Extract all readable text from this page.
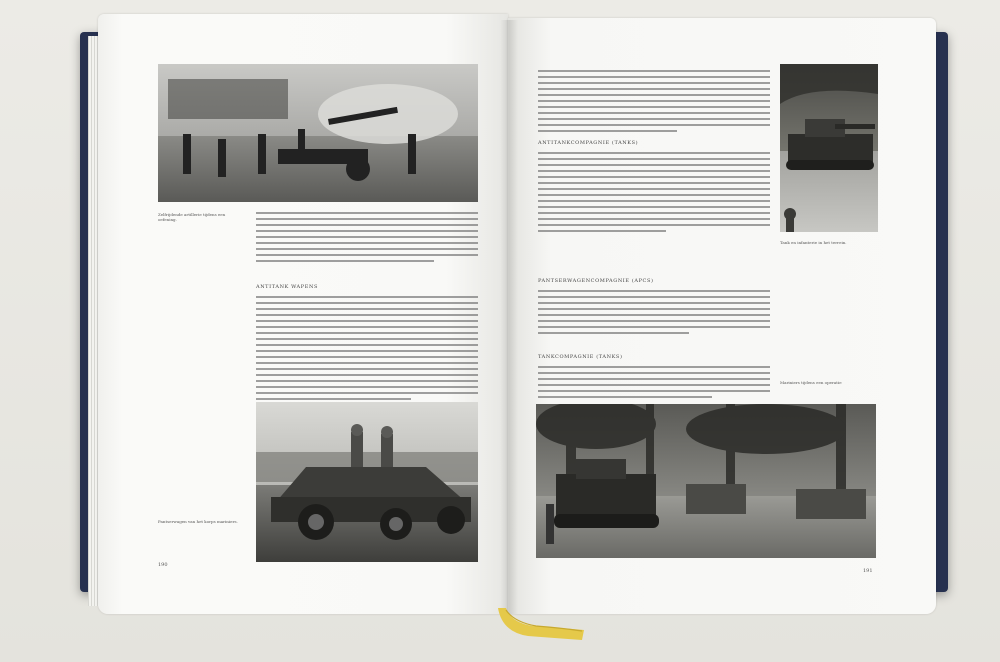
Zelfrijdende artillerie tijdens een oefening.
ANTITANK WAPENS
Pantserwagen van het korps mariniers.
190
ANTITANKCOMPAGNIE (TANKS)
PANTSERWAGENCOMPAGNIE (APCS)
TANKCOMPAGNIE (TANKS)
Tank en infanterie in het terrein.
Mariniers tijdens een operatie
191
